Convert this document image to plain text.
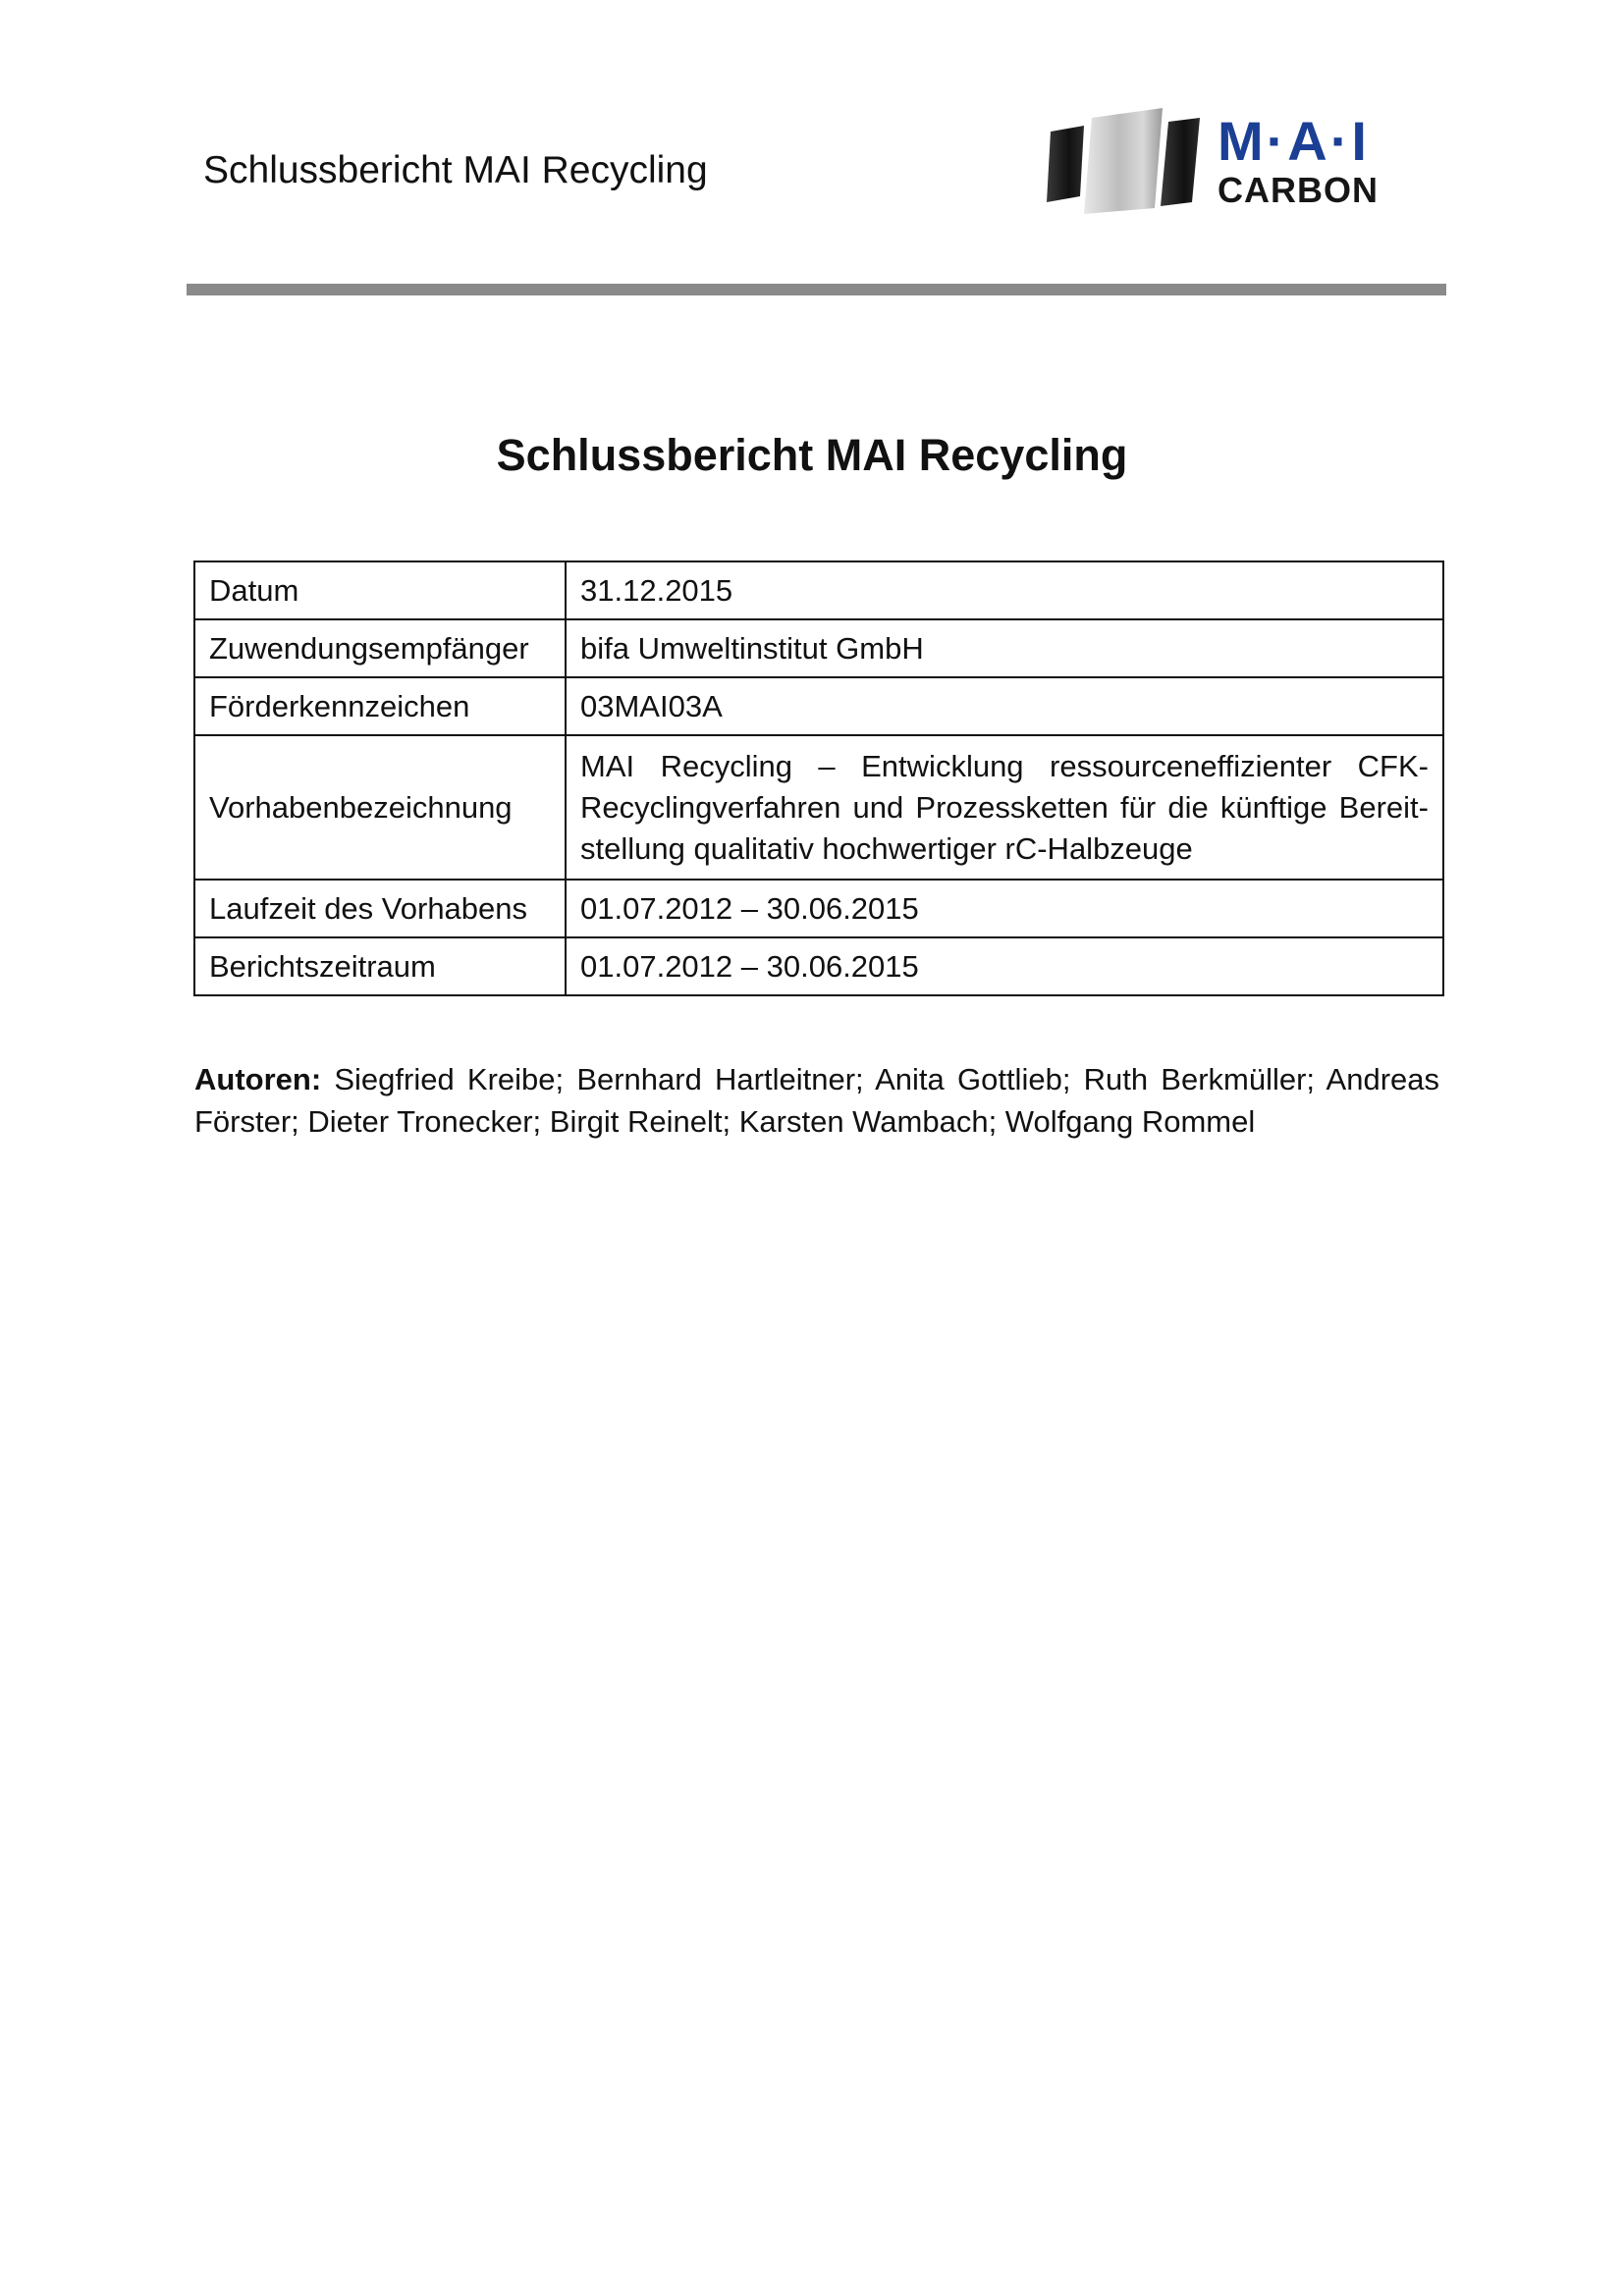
Schlussbericht MAI Recycling	M·A·I
CARBON
Schlussbericht MAI Recycling
Datum	31.12.2015
Zuwendungsempfänger	bifa Umweltinstitut GmbH
Förderkennzeichen	03MAI03A
Vorhabenbezeichnung	MAI Recycling – Entwicklung ressourceneffizienter CFK-Recyclingverfahren und Prozessketten für die künftige Bereit-stellung qualitativ hochwertiger rC-Halbzeuge
Laufzeit des Vorhabens	01.07.2012 – 30.06.2015
Berichtszeitraum	01.07.2012 – 30.06.2015
Autoren: Siegfried Kreibe; Bernhard Hartleitner; Anita Gottlieb; Ruth Berkmüller; Andreas Förster; Dieter Tronecker; Birgit Reinelt; Karsten Wambach; Wolfgang Rommel
